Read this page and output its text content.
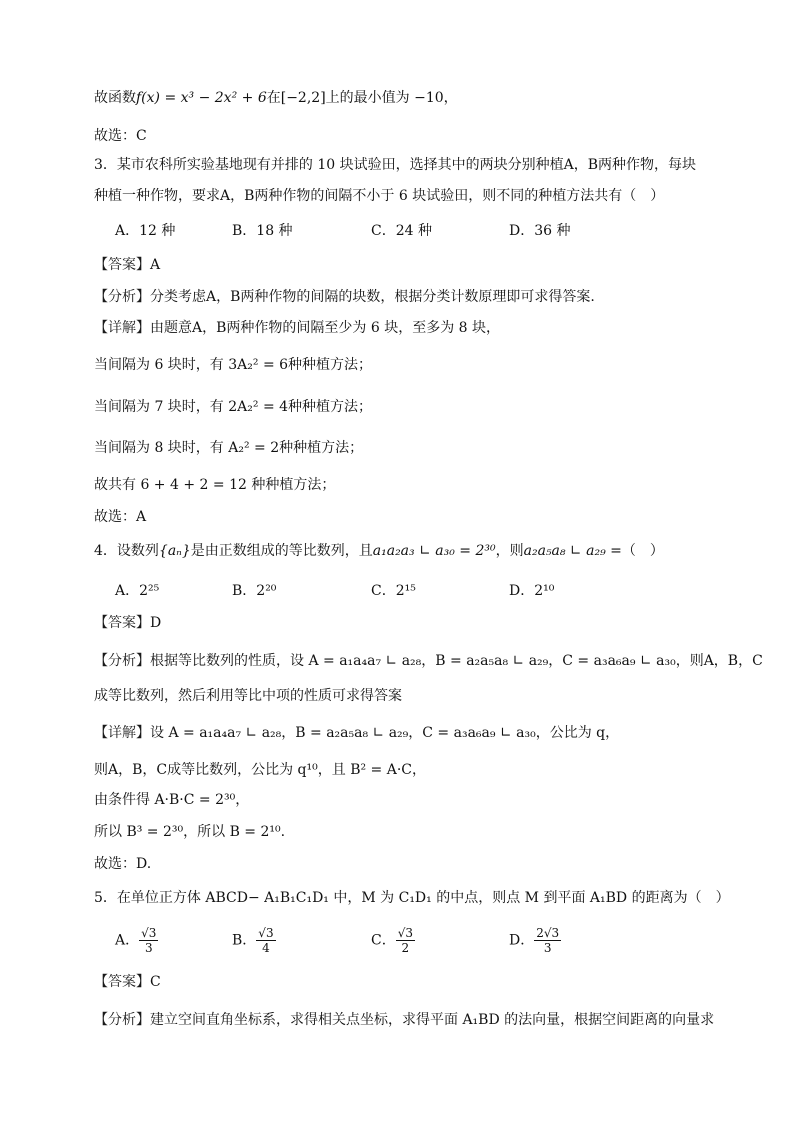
故函数f(x) = x³ − 2x² + 6在[−2,2]上的最小值为 −10，
故选：C
3．某市农科所实验基地现有并排的 10 块试验田，选择其中的两块分别种植A，B两种作物，每块
种植一种作物，要求A，B两种作物的间隔不小于 6 块试验田，则不同的种植方法共有（　）
A．12 种	B．18 种	C．24 种	D．36 种
【答案】A
【分析】分类考虑A，B两种作物的间隔的块数，根据分类计数原理即可求得答案.
【详解】由题意A，B两种作物的间隔至少为 6 块，至多为 8 块，
当间隔为 6 块时，有 3A₂² = 6种种植方法；
当间隔为 7 块时，有 2A₂² = 4种种植方法；
当间隔为 8 块时，有 A₂² = 2种种植方法；
故共有 6 + 4 + 2 = 12 种种植方法；
故选：A
4．设数列{aₙ}是由正数组成的等比数列，且a₁a₂a₃ ∟ a₃₀ = 2³⁰，则a₂a₅a₈ ∟ a₂₉ =（　）
A．2²⁵	B．2²⁰	C．2¹⁵	D．2¹⁰
【答案】D
【分析】根据等比数列的性质，设 A = a₁a₄a₇ ∟ a₂₈，B = a₂a₅a₈ ∟ a₂₉，C = a₃a₆a₉ ∟ a₃₀，则A，B，C
成等比数列，然后利用等比中项的性质可求得答案
【详解】设 A = a₁a₄a₇ ∟ a₂₈，B = a₂a₅a₈ ∟ a₂₉，C = a₃a₆a₉ ∟ a₃₀，公比为 q，
则A，B，C成等比数列，公比为 q¹⁰，且 B² = A·C，
由条件得 A·B·C = 2³⁰，
所以 B³ = 2³⁰，所以 B = 2¹⁰.
故选：D.
5．在单位正方体 ABCD− A₁B₁C₁D₁ 中，M 为 C₁D₁ 的中点，则点 M 到平面 A₁BD 的距离为（　）
A． $\frac{√3}{3}$	B． $\frac{√3}{4}$	C． $\frac{√3}{2}$	D． $\frac{2√3}{3}$
【答案】C
【分析】建立空间直角坐标系，求得相关点坐标，求得平面 A₁BD 的法向量，根据空间距离的向量求
